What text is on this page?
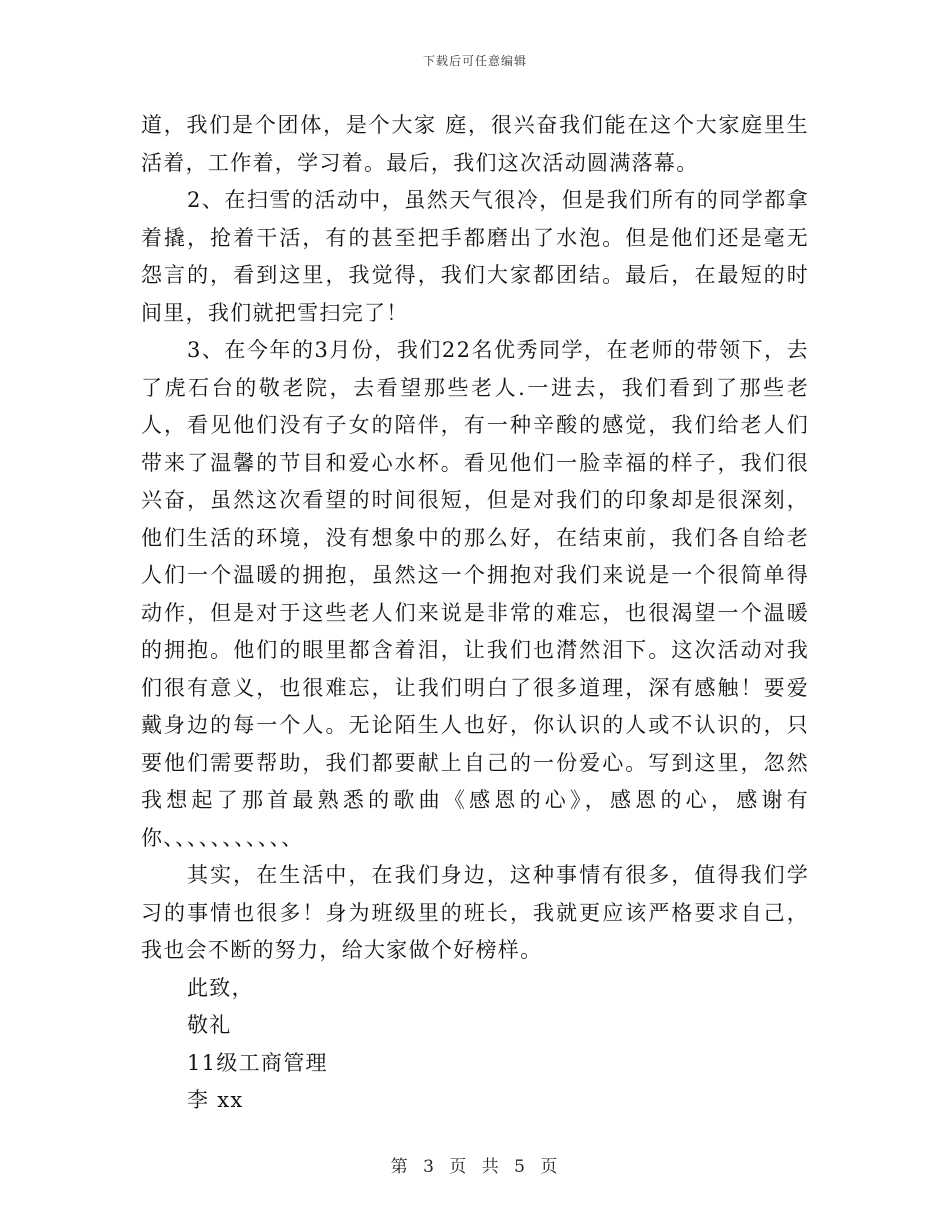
下载后可任意编辑

道，我们是个团体，是个大家 庭，很兴奋我们能在这个大家庭里生活着，工作着，学习着。最后，我们这次活动圆满落幕。

2、在扫雪的活动中，虽然天气很冷，但是我们所有的同学都拿着撬，抢着干活，有的甚至把手都磨出了水泡。但是他们还是毫无怨言的，看到这里，我觉得，我们大家都团结。最后，在最短的时间里，我们就把雪扫完了！

3、在今年的3月份，我们22名优秀同学，在老师的带领下，去了虎石台的敬老院，去看望那些老人.一进去，我们看到了那些老人，看见他们没有子女的陪伴，有一种辛酸的感觉，我们给老人们带来了温馨的节目和爱心水杯。看见他们一脸幸福的样子，我们很兴奋，虽然这次看望的时间很短，但是对我们的印象却是很深刻，他们生活的环境，没有想象中的那么好，在结束前，我们各自给老人们一个温暖的拥抱，虽然这一个拥抱对我们来说是一个很简单得动作，但是对于这些老人们来说是非常的难忘，也很渴望一个温暖的拥抱。他们的眼里都含着泪，让我们也潸然泪下。这次活动对我们很有意义，也很难忘，让我们明白了很多道理，深有感触！要爱戴身边的每一个人。无论陌生人也好，你认识的人或不认识的，只要他们需要帮助，我们都要献上自己的一份爱心。写到这里，忽然我想起了那首最熟悉的歌曲《感恩的心》，感恩的心，感谢有你、、、、、、、、、、、

其实，在生活中，在我们身边，这种事情有很多，值得我们学习的事情也很多！身为班级里的班长，我就更应该严格要求自己，我也会不断的努力，给大家做个好榜样。

此致，

敬礼

11级工商管理

李 xx

第 3 页 共 5 页
